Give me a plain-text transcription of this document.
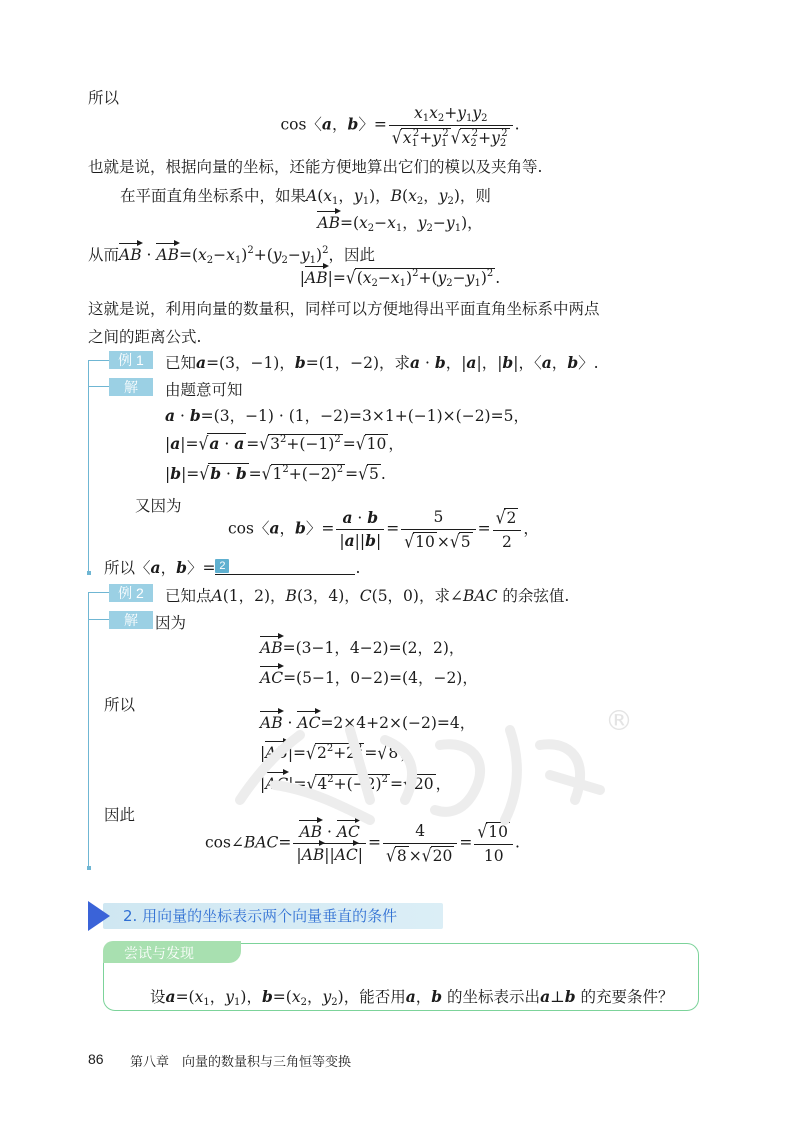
所以
cos〈a，b〉= $\frac{x_1x_2+y_1y_2}{√x_1^2+y_1^2 √x_2^2+y_2^2}$ .
也就是说，根据向量的坐标，还能方便地算出它们的模以及夹角等.
在平面直角坐标系中，如果$A(x_1$，$y_1$)，$B(x_2$，$y_2$)，则
$AB=(x_2-x_1$，$y_2-y_1$)，
从而AB · $AB=(x_2-x_1)^2+(y_2-y_1)^2$，因此
$|AB|=√(x_2-x_1)^2+(y_2-y_1)^2$ .
这就是说，利用向量的数量积，同样可以方便地得出平面直角坐标系中两点
之间的距离公式.
例 1	已知a=(3，−1)，b=(1，−2)，求a · b，|a|，|b|，〈a，b〉.
解	由题意可知
a · b=(3，−1) · (1，−2)=3×1+(−1)×(−2)=5，
$|a|=√a \cdot a =√3^2+(-1)^2 =√10$ ，
$|b|=√b \cdot b =√1^2+(-2)^2 =√5$ .
又因为
cos〈a，b〉= $\frac{a \cdot b}{|a||b|} = \frac{5}{√10 \times√5} = \frac{√2}{2}$ ，
所以〈a，b〉= 2	.
例 2	已知点A(1，2)，B(3，4)，C(5，0)，求∠BAC 的余弦值.
解	因为
AB=(3−1，4−2)=(2，2)，
AC=(5−1，0−2)=(4，−2)，
所以
AB · AC=2×4+2×(−2)=4，
$|AB|=√2^2+2^2 =√8$ ，
$|AC|=√4^2+(-2)^2 =√20$ ，
因此
cos∠BAC= $\frac{AB \cdot AC}{|AB||AC|} = \frac{4}{√8 \times√20} = \frac{√10}{10}$ .
®
2. 用向量的坐标表示两个向量垂直的条件
尝试与发现
设$a=(x_1$，$y_1$)，$b=(x_2$，$y_2$)，能否用a，b 的坐标表示出a⊥b 的充要条件？
86 第八章　向量的数量积与三角恒等变换
